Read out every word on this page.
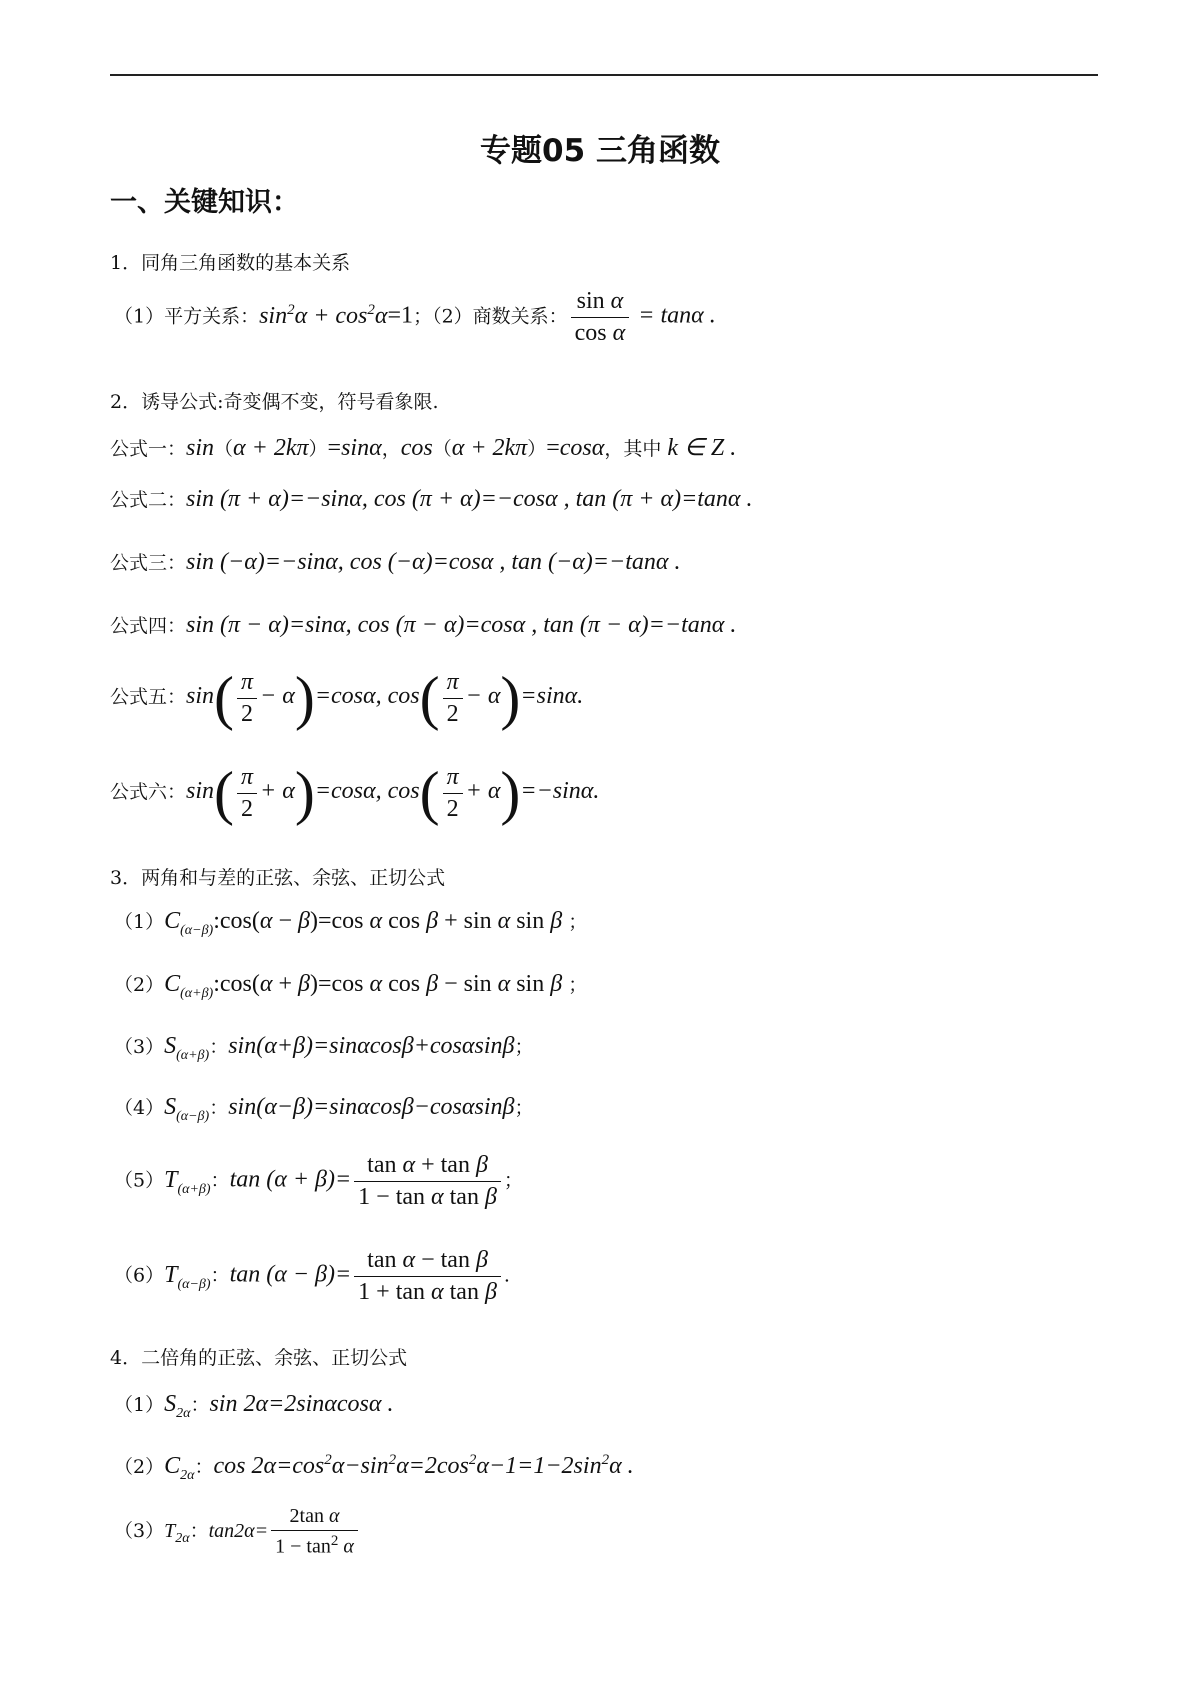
专题05 三角函数
一、关键知识：
1．同角三角函数的基本关系
（1）平方关系：$\sin^2\alpha + \cos^2\alpha=1$；（2）商数关系： $\frac{\text{sin α}}{\text{cos α}} = \tan\alpha$ .
2．诱导公式:奇变偶不变，符号看象限.
公式一：sin（α + 2kπ）=sinα，cos（α + 2kπ）=cosα，其中 k ∈ Z .
公式二：sin (π + α)=−sinα, cos (π + α)=−cosα , tan (π + α)=tanα .
公式三：sin (−α)=−sinα, cos (−α)=cosα , tan (−α)=−tanα .
公式四：sin (π − α)=sinα, cos (π − α)=cosα , tan (π − α)=−tanα .
公式五：$\sin( \frac{\pi}{2} - \alpha)=\cos\alpha$, $\cos( \frac{\pi}{2} - \alpha)=\sin\alpha$.
公式六：$\sin( \frac{\pi}{2} + \alpha)=\cos\alpha$, $\cos( \frac{\pi}{2} + \alpha)=-\sin\alpha$.
3．两角和与差的正弦、余弦、正切公式
$(1)C_{(\alpha-\beta)}:\cos(\alpha - \beta)=\cos$ α cos β + sin α sin β ；
$(2)C_{(\alpha+\beta)}:\cos(\alpha + \beta)=\cos$ α cos β − sin α sin β ；
$(3)S_{(\alpha+\beta)}$：sin(α+β)=sinαcosβ+cosαsinβ；
$(4)S_{(\alpha-\beta)}$：sin(α−β)=sinαcosβ−cosαsinβ；
$(5)T_{(\alpha+\beta)}$：$\tan (\alpha + \beta)= \frac{\text{tan α + tan β}}{\text{1 − tan α tan β}}$ ；
$(6)T_{(\alpha-\beta)}$：$\tan (\alpha - \beta)= \frac{\text{tan α − tan β}}{\text{1 + tan α tan β}}$ .
4．二倍角的正弦、余弦、正切公式
$(1)S_{2\alpha}$：sin 2α=2sinαcosα .
$(2)C_{2\alpha}$：$\cos 2\alpha=\cos^2\alpha-\sin^2\alpha=2\cos^2\alpha-1=1-2\sin^2\alpha$ .
$(3)T_{2\alpha}$：$\tan 2\alpha= \frac{\text{2tan α}}{1 - \tan^2 \alpha}$
